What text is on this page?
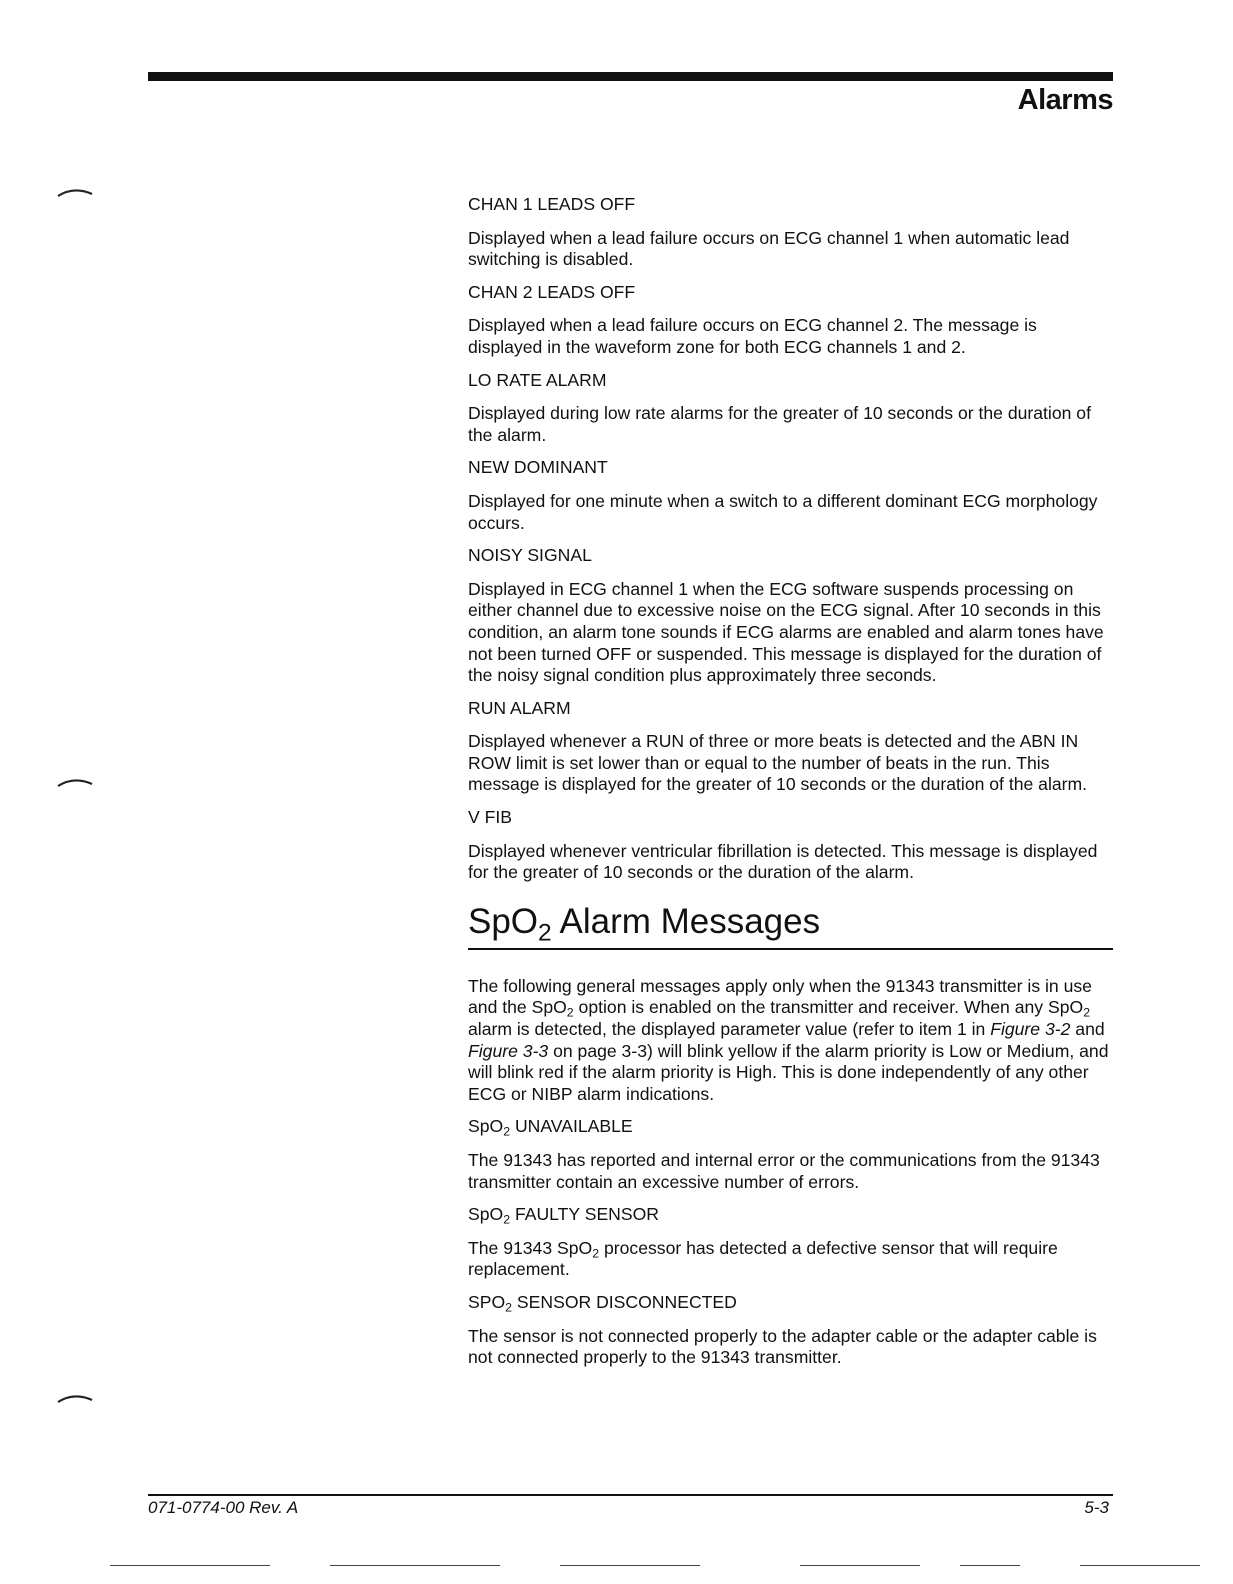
Alarms

CHAN 1 LEADS OFF

Displayed when a lead failure occurs on ECG channel 1 when automatic lead switching is disabled.

CHAN 2 LEADS OFF

Displayed when a lead failure occurs on ECG channel 2. The message is displayed in the waveform zone for both ECG channels 1 and 2.

LO RATE ALARM

Displayed during low rate alarms for the greater of 10 seconds or the duration of the alarm.

NEW DOMINANT

Displayed for one minute when a switch to a different dominant ECG morphology occurs.

NOISY SIGNAL

Displayed in ECG channel 1 when the ECG software suspends processing on either channel due to excessive noise on the ECG signal. After 10 seconds in this condition, an alarm tone sounds if ECG alarms are enabled and alarm tones have not been turned OFF or suspended. This message is displayed for the duration of the noisy signal condition plus approximately three seconds.

RUN ALARM

Displayed whenever a RUN of three or more beats is detected and the ABN IN ROW limit is set lower than or equal to the number of beats in the run. This message is displayed for the greater of 10 seconds or the duration of the alarm.

V FIB

Displayed whenever ventricular fibrillation is detected. This message is displayed for the greater of 10 seconds or the duration of the alarm.

SpO$_2$ Alarm Messages

The following general messages apply only when the 91343 transmitter is in use and the SpO$_2$ option is enabled on the transmitter and receiver. When any SpO$_2$ alarm is detected, the displayed parameter value (refer to item 1 in Figure 3-2 and Figure 3-3 on page 3-3) will blink yellow if the alarm priority is Low or Medium, and will blink red if the alarm priority is High. This is done independently of any other ECG or NIBP alarm indications.

SpO$_2$ UNAVAILABLE

The 91343 has reported and internal error or the communications from the 91343 transmitter contain an excessive number of errors.

SpO$_2$ FAULTY SENSOR

The 91343 SpO$_2$ processor has detected a defective sensor that will require replacement.

$SPO_2$ SENSOR DISCONNECTED

The sensor is not connected properly to the adapter cable or the adapter cable is not connected properly to the 91343 transmitter.

071-0774-00 Rev. A	5-3
